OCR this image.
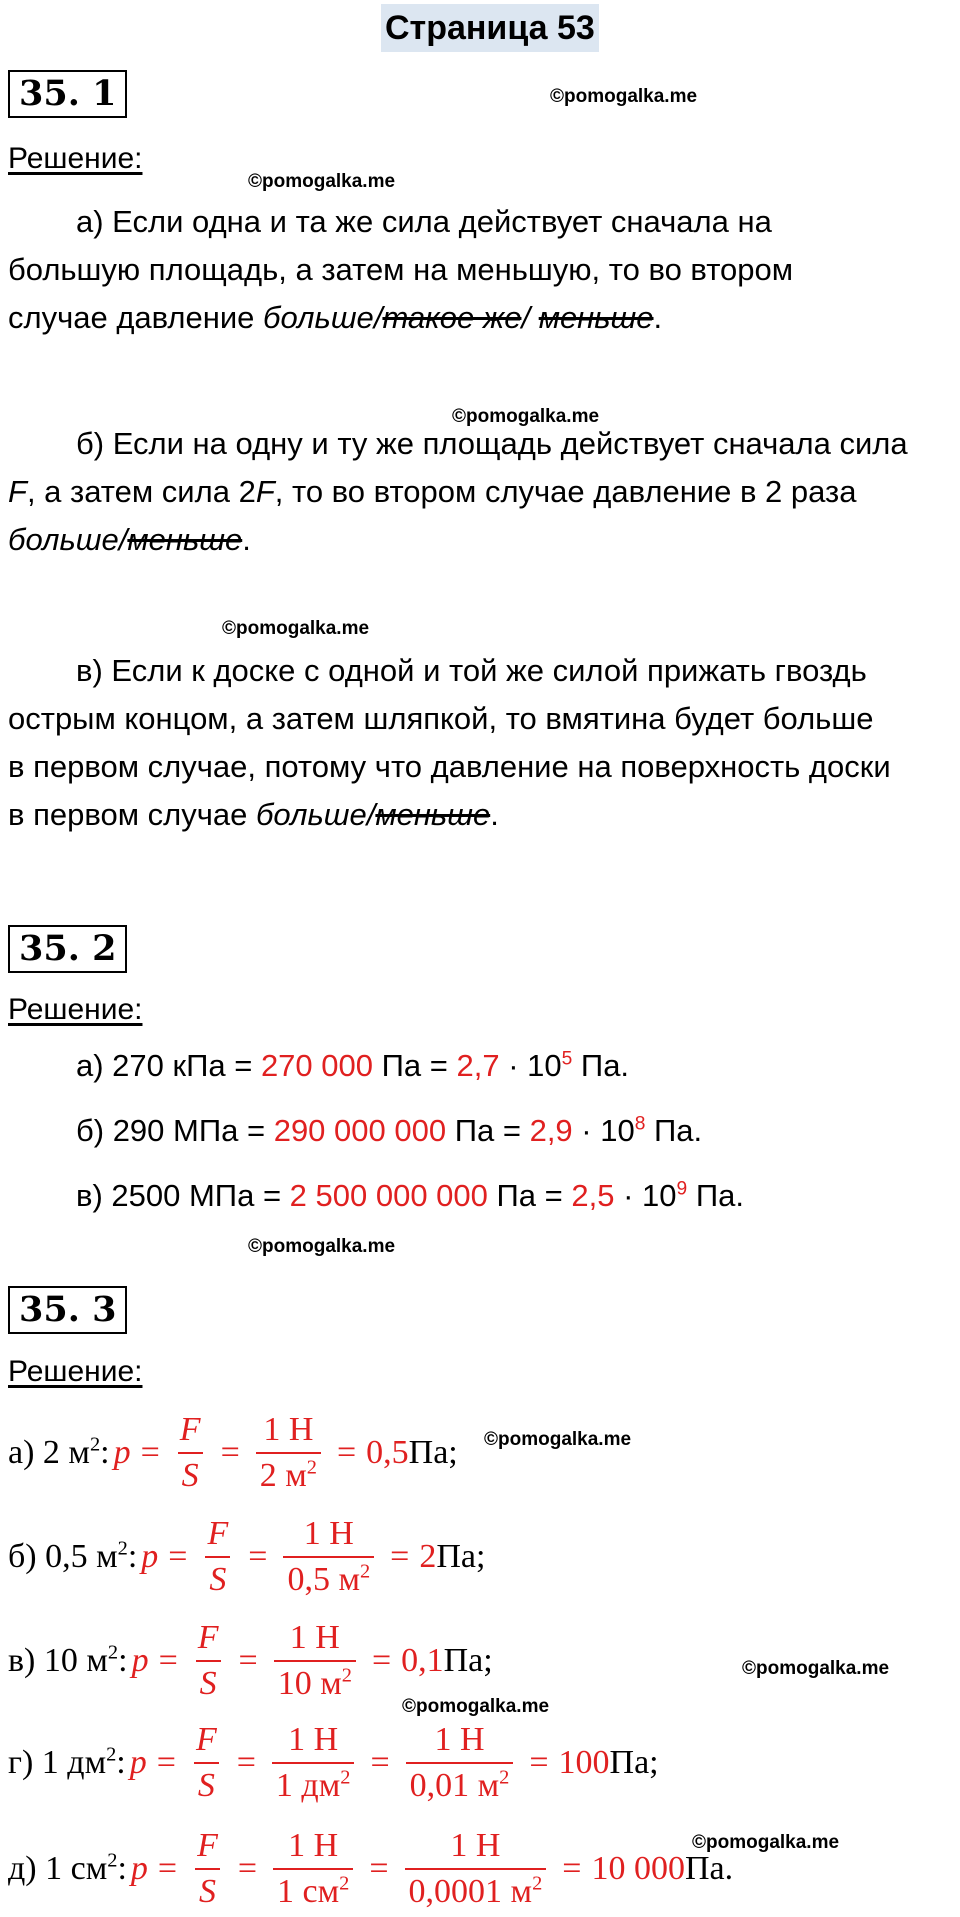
Страница 53
35. 1	©pomogalka.me
Решение:
©pomogalka.me
а) Если одна и та же сила действует сначала на
большую площадь, а затем на меньшую, то во втором
случае давление больше/такое же/ меньше.
©pomogalka.me
б) Если на одну и ту же площадь действует сначала сила
F, а затем сила 2F, то во втором случае давление в 2 раза
больше/меньше.
©pomogalka.me
в) Если к доске с одной и той же силой прижать гвоздь
острым концом, а затем шляпкой, то вмятина будет больше
в первом случае, потому что давление на поверхность доски
в первом случае больше/меньше.
35. 2
Решение:
а) 270 кПа = 270 000 Па = $2,7 \cdot 10^5$ Па.
б) 290 МПа = 290 000 000 Па = $2,9 \cdot 10^8$ Па.
в) 2500 МПа = 2 500 000 000 Па = $2,5 \cdot 10^9$ Па.
©pomogalka.me
35. 3
Решение:
а) 2 $м^2$: $p = \frac{F}{S} = \frac{1 Н}{2 м^2} = 0,5$ Па;
б) 0,5 $м^2$: $p = \frac{F}{S} = \frac{1 Н}{0,5 м^2} = 2$ Па;
в) 10 $м^2$: $p = \frac{F}{S} = \frac{1 Н}{10 м^2} = 0,1$ Па;
г) 1 $дм^2$: $p = \frac{F}{S} = \frac{1 Н}{1 дм^2} = \frac{1 Н}{0,01 м^2} = 100$ Па;
д) 1 $см^2$: $p = \frac{F}{S} = \frac{1 Н}{1 см^2} = \frac{1 Н}{0,0001 м^2} = 10$ 000 Па.
©pomogalka.me
©pomogalka.me
©pomogalka.me
©pomogalka.me
